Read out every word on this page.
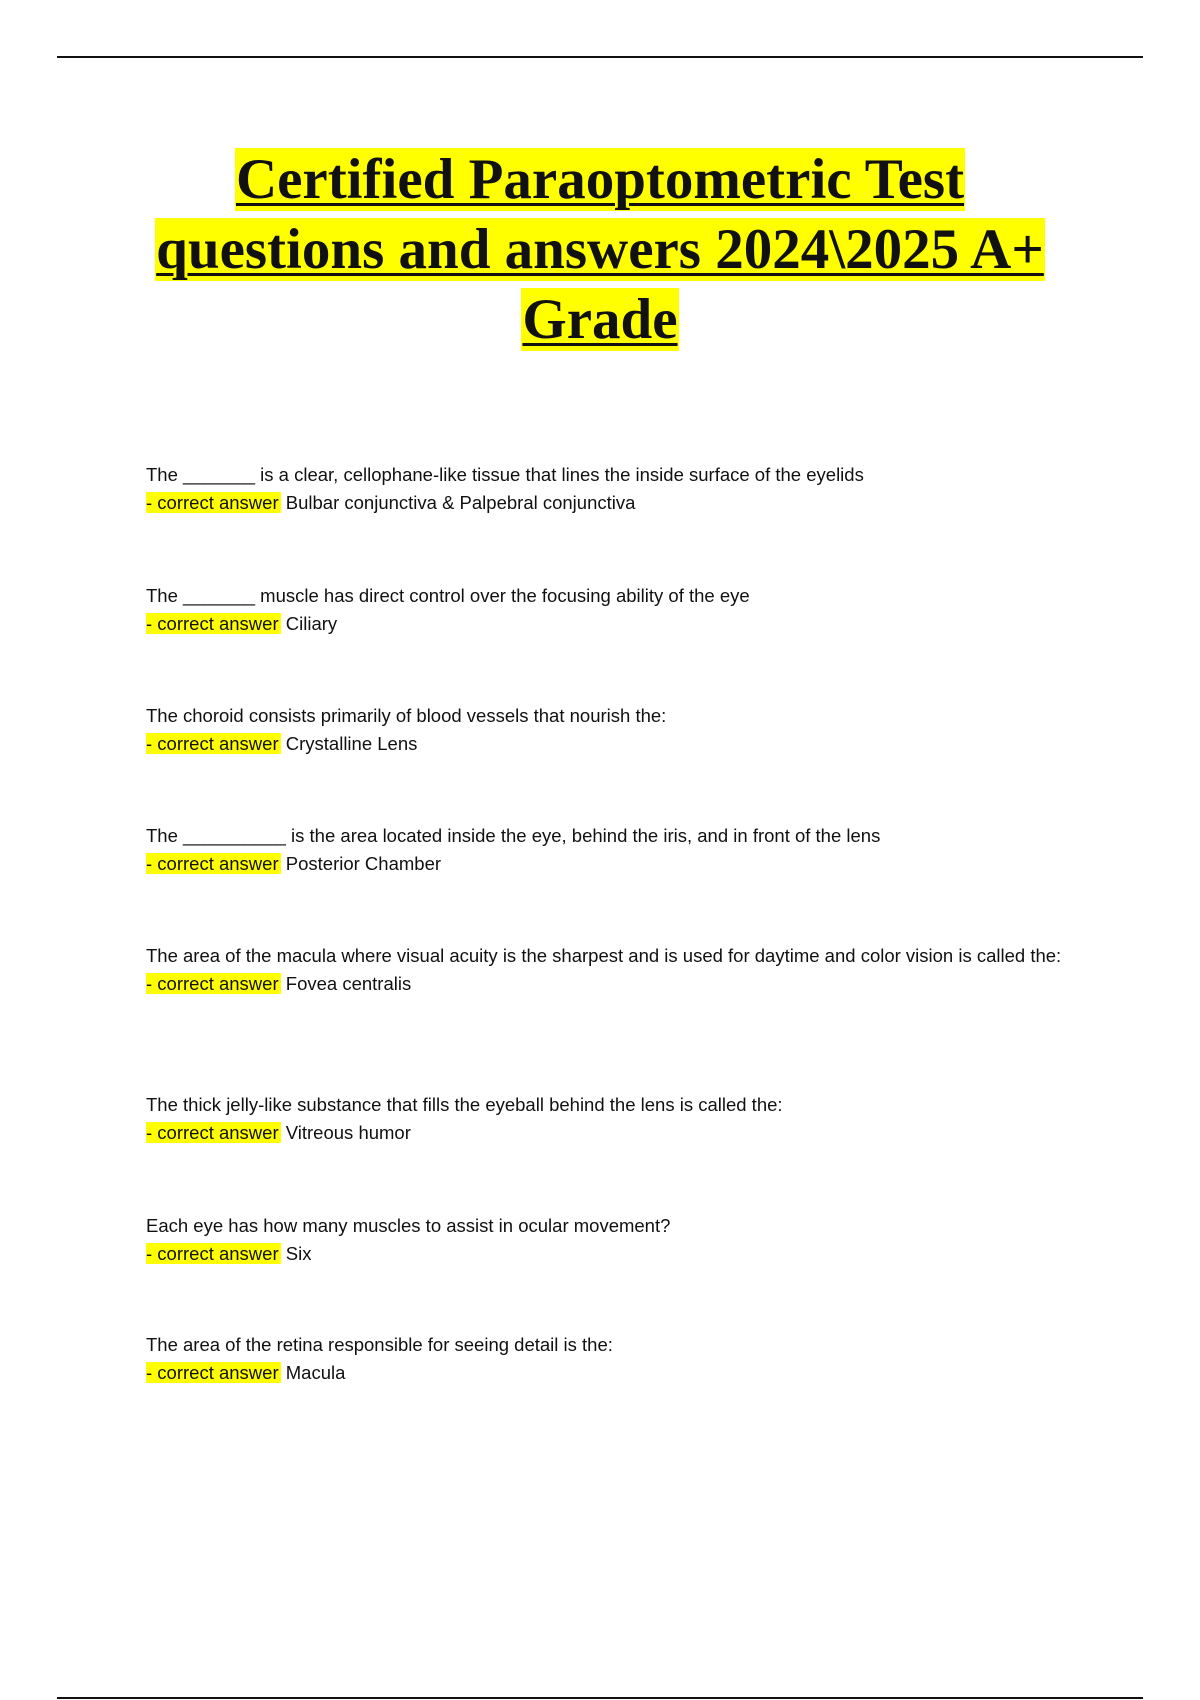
Certified Paraoptometric Test
questions and answers 2024\2025 A+
Grade
The _______ is a clear, cellophane-like tissue that lines the inside surface of the eyelids
- correct answer Bulbar conjunctiva & Palpebral conjunctiva
The _______ muscle has direct control over the focusing ability of the eye
- correct answer Ciliary
The choroid consists primarily of blood vessels that nourish the:
- correct answer Crystalline Lens
The __________ is the area located inside the eye, behind the iris, and in front of the lens
- correct answer Posterior Chamber
The area of the macula where visual acuity is the sharpest and is used for daytime and color vision is called the:
- correct answer Fovea centralis
The thick jelly-like substance that fills the eyeball behind the lens is called the:
- correct answer Vitreous humor
Each eye has how many muscles to assist in ocular movement?
- correct answer Six
The area of the retina responsible for seeing detail is the:
- correct answer Macula
